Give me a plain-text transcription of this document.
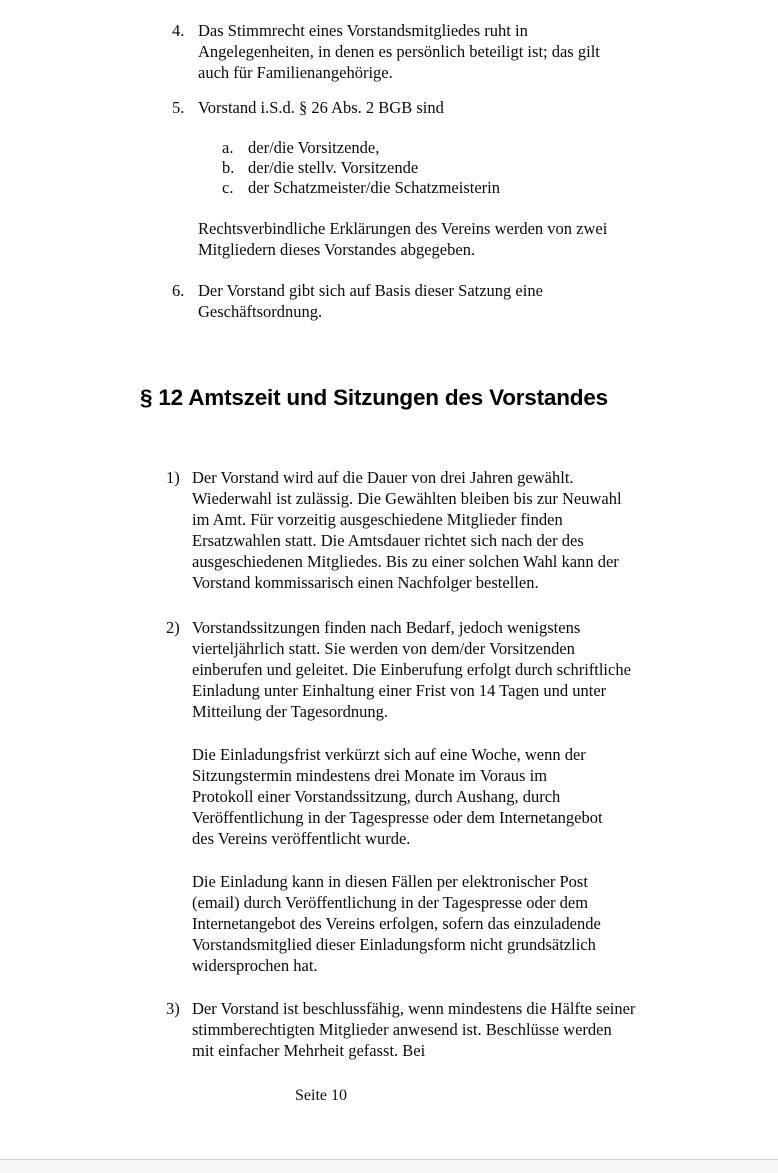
4. Das Stimmrecht eines Vorstandsmitgliedes ruht in Angelegenheiten, in denen es persönlich beteiligt ist; das gilt auch für Familienangehörige.
5. Vorstand i.S.d. § 26 Abs. 2 BGB sind
a. der/die Vorsitzende,
b. der/die stellv. Vorsitzende
c. der Schatzmeister/die Schatzmeisterin
Rechtsverbindliche Erklärungen des Vereins werden von zwei Mitgliedern dieses Vorstandes abgegeben.
6. Der Vorstand gibt sich auf Basis dieser Satzung eine Geschäftsordnung.
§ 12 Amtszeit und Sitzungen des Vorstandes
1) Der Vorstand wird auf die Dauer von drei Jahren gewählt. Wiederwahl ist zulässig. Die Gewählten bleiben bis zur Neuwahl im Amt. Für vorzeitig ausgeschiedene Mitglieder finden Ersatzwahlen statt. Die Amtsdauer richtet sich nach der des ausgeschiedenen Mitgliedes. Bis zu einer solchen Wahl kann der Vorstand kommissarisch einen Nachfolger bestellen.
2) Vorstandssitzungen finden nach Bedarf, jedoch wenigstens vierteljährlich statt. Sie werden von dem/der Vorsitzenden einberufen und geleitet. Die Einberufung erfolgt durch schriftliche Einladung unter Einhaltung einer Frist von 14 Tagen und unter Mitteilung der Tagesordnung.
Die Einladungsfrist verkürzt sich auf eine Woche, wenn der Sitzungstermin mindestens drei Monate im Voraus im Protokoll einer Vorstandssitzung, durch Aushang, durch Veröffentlichung in der Tagespresse oder dem Internetangebot des Vereins veröffentlicht wurde.
Die Einladung kann in diesen Fällen per elektronischer Post (email) durch Veröffentlichung in der Tagespresse oder dem Internetangebot des Vereins erfolgen, sofern das einzuladende Vorstandsmitglied dieser Einladungsform nicht grundsätzlich widersprochen hat.
3) Der Vorstand ist beschlussfähig, wenn mindestens die Hälfte seiner stimmberechtigten Mitglieder anwesend ist. Beschlüsse werden mit einfacher Mehrheit gefasst. Bei
Seite 10
